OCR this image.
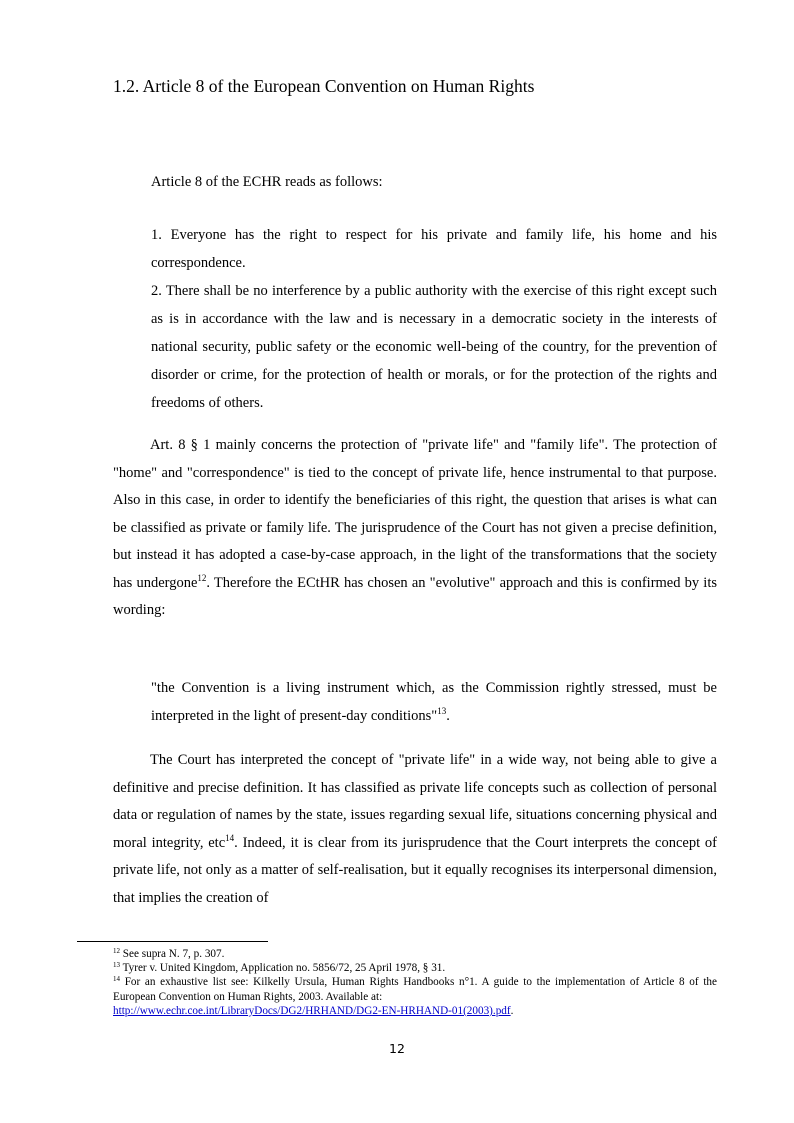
1.2. Article 8 of the European Convention on Human Rights
Article 8 of the ECHR reads as follows:

1. Everyone has the right to respect for his private and family life, his home and his correspondence.

2. There shall be no interference by a public authority with the exercise of this right except such as is in accordance with the law and is necessary in a democratic society in the interests of national security, public safety or the economic well-being of the country, for the prevention of disorder or crime, for the protection of health or morals, or for the protection of the rights and freedoms of others.

Art. 8 § 1 mainly concerns the protection of "private life" and "family life". The protection of "home" and "correspondence" is tied to the concept of private life, hence instrumental to that purpose. Also in this case, in order to identify the beneficiaries of this right, the question that arises is what can be classified as private or family life. The jurisprudence of the Court has not given a precise definition, but instead it has adopted a case-by-case approach, in the light of the transformations that the society has undergone$^{12}$. Therefore the ECtHR has chosen an "evolutive" approach and this is confirmed by its wording:

"the Convention is a living instrument which, as the Commission rightly stressed, must be interpreted in the light of present-day conditions"$^{13}$.

The Court has interpreted the concept of "private life" in a wide way, not being able to give a definitive and precise definition. It has classified as private life concepts such as collection of personal data or regulation of names by the state, issues regarding sexual life, situations concerning physical and moral integrity, etc$^{14}$. Indeed, it is clear from its jurisprudence that the Court interprets the concept of private life, not only as a matter of self-realisation, but it equally recognises its interpersonal dimension, that implies the creation of

$^{12}$ See supra N. 7, p. 307.

$^{13}$ Tyrer v. United Kingdom, Application no. 5856/72, 25 April 1978, § 31.

$^{14}$ For an exhaustive list see: Kilkelly Ursula, Human Rights Handbooks n°1. A guide to the implementation of Article 8 of the European Convention on Human Rights, 2003. Available at:
http://www.echr.coe.int/LibraryDocs/DG2/HRHAND/DG2-EN-HRHAND-01(2003).pdf.

12
